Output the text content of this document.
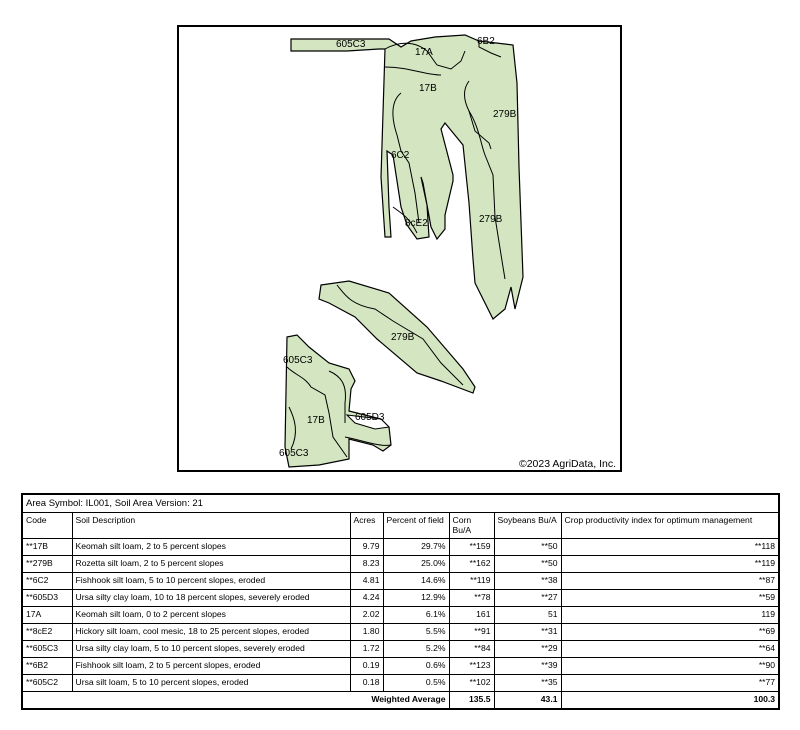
605C3
17A
6B2
17B
279B
6C2
8cE2	279B
279B
605C3
17B	605D3
605C3
©2023 AgriData, Inc.
Area Symbol: IL001, Soil Area Version: 21						
Code	Soil Description	Acres	Percent of field	Corn Bu/A	Soybeans Bu/A	Crop productivity index for optimum management
**17B	Keomah silt loam, 2 to 5 percent slopes	9.79	29.7%	**159	**50	**118
**279B	Rozetta silt loam, 2 to 5 percent slopes	8.23	25.0%	**162	**50	**119
**6C2	Fishhook silt loam, 5 to 10 percent slopes, eroded	4.81	14.6%	**119	**38	**87
**605D3	Ursa silty clay loam, 10 to 18 percent slopes, severely eroded	4.24	12.9%	**78	**27	**59
17A	Keomah silt loam, 0 to 2 percent slopes	2.02	6.1%	161	51	119
**8cE2	Hickory silt loam, cool mesic, 18 to 25 percent slopes, eroded	1.80	5.5%	**91	**31	**69
**605C3	Ursa silty clay loam, 5 to 10 percent slopes, severely eroded	1.72	5.2%	**84	**29	**64
**6B2	Fishhook silt loam, 2 to 5 percent slopes, eroded	0.19	0.6%	**123	**39	**90
**605C2	Ursa silt loam, 5 to 10 percent slopes, eroded	0.18	0.5%	**102	**35	**77
Weighted Average				135.5	43.1	100.3
